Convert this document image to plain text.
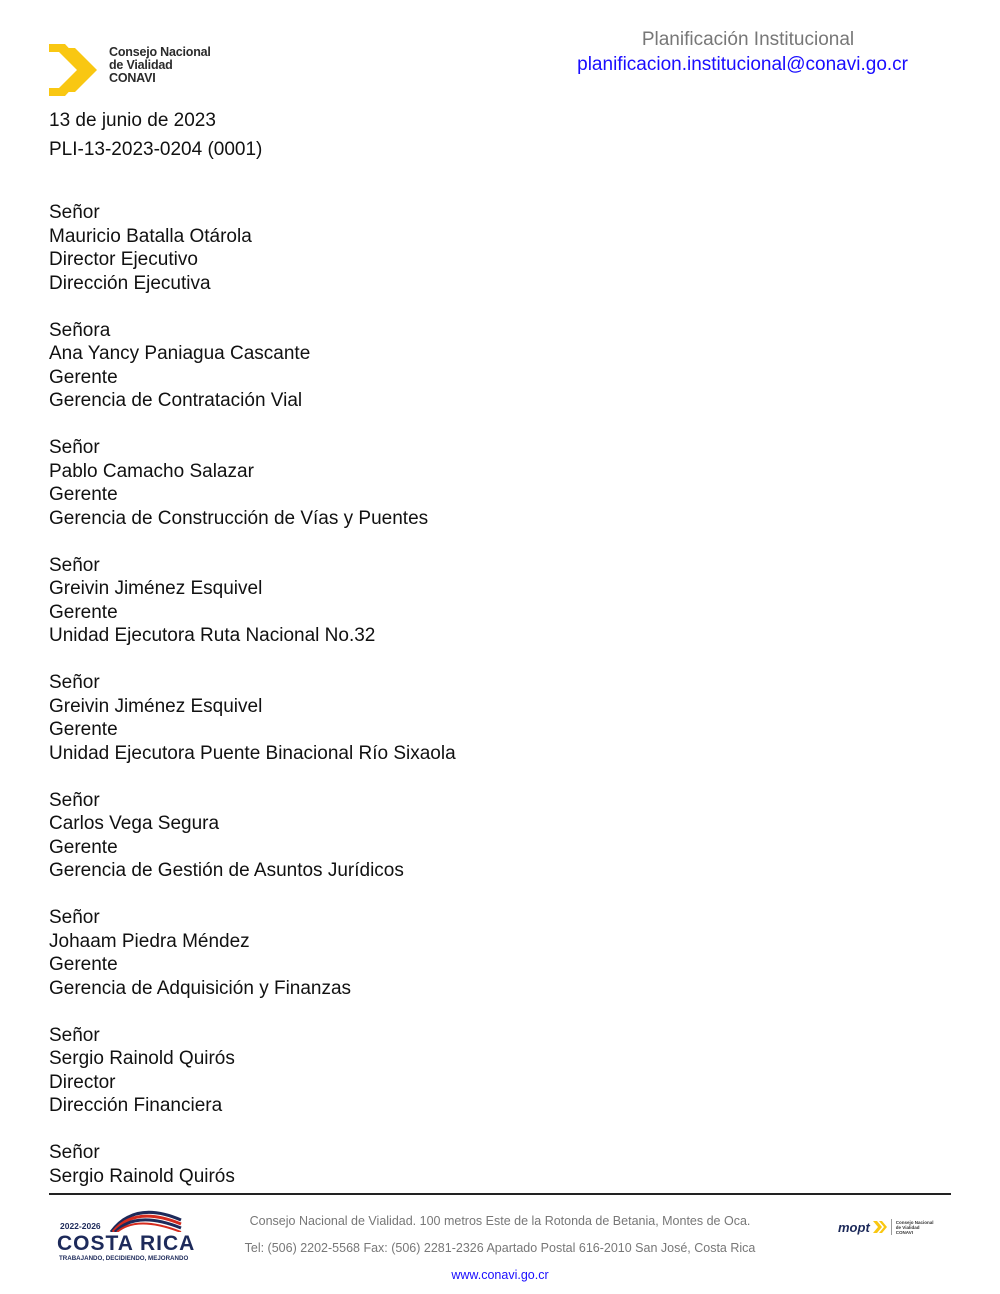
Consejo Nacional
de Vialidad
CONAVI
Planificación Institucional
planificacion.institucional@conavi.go.cr
13 de junio de 2023
PLI-13-2023-0204 (0001)
Señor
Mauricio Batalla Otárola
Director Ejecutivo
Dirección Ejecutiva
Señora
Ana Yancy Paniagua Cascante
Gerente
Gerencia de Contratación Vial
Señor
Pablo Camacho Salazar
Gerente
Gerencia de Construcción de Vías y Puentes
Señor
Greivin Jiménez Esquivel
Gerente
Unidad Ejecutora Ruta Nacional No.32
Señor
Greivin Jiménez Esquivel
Gerente
Unidad Ejecutora Puente Binacional Río Sixaola
Señor
Carlos Vega Segura
Gerente
Gerencia de Gestión de Asuntos Jurídicos
Señor
Johaam Piedra Méndez
Gerente
Gerencia de Adquisición y Finanzas
Señor
Sergio Rainold Quirós
Director
Dirección Financiera
Señor
Sergio Rainold Quirós
2022-2026
COSTA RICA
TRABAJANDO, DECIDIENDO, MEJORANDO
Consejo Nacional de Vialidad. 100 metros Este de la Rotonda de Betania, Montes de Oca.
Tel: (506) 2202-5568 Fax: (506) 2281-2326 Apartado Postal 616-2010 San José, Costa Rica
www.conavi.go.cr
mopt	Consejo Nacional
de Vialidad
CONAVI
